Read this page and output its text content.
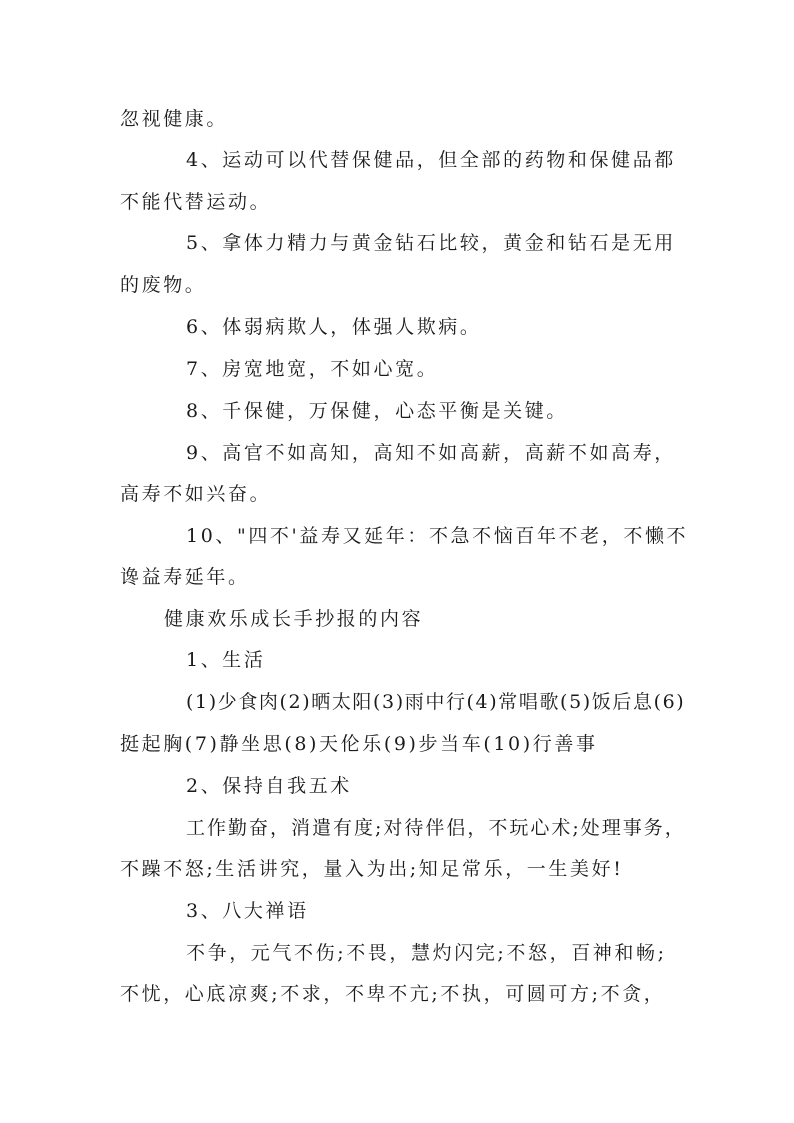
忽视健康。
4、运动可以代替保健品，但全部的药物和保健品都
不能代替运动。
5、拿体力精力与黄金钻石比较，黄金和钻石是无用
的废物。
6、体弱病欺人，体强人欺病。
7、房宽地宽，不如心宽。
8、千保健，万保健，心态平衡是关键。
9、高官不如高知，高知不如高薪，高薪不如高寿，
高寿不如兴奋。
10、"四不'益寿又延年：不急不恼百年不老，不懒不
谗益寿延年。
健康欢乐成长手抄报的内容
1、生活
(1)少食肉(2)晒太阳(3)雨中行(4)常唱歌(5)饭后息(6)
挺起胸(7)静坐思(8)天伦乐(9)步当车(10)行善事
2、保持自我五术
工作勤奋，消遣有度;对待伴侣，不玩心术;处理事务，
不躁不怒;生活讲究，量入为出;知足常乐，一生美好!
3、八大禅语
不争，元气不伤;不畏，慧灼闪完;不怒，百神和畅;
不忧，心底凉爽;不求，不卑不亢;不执，可圆可方;不贪，
